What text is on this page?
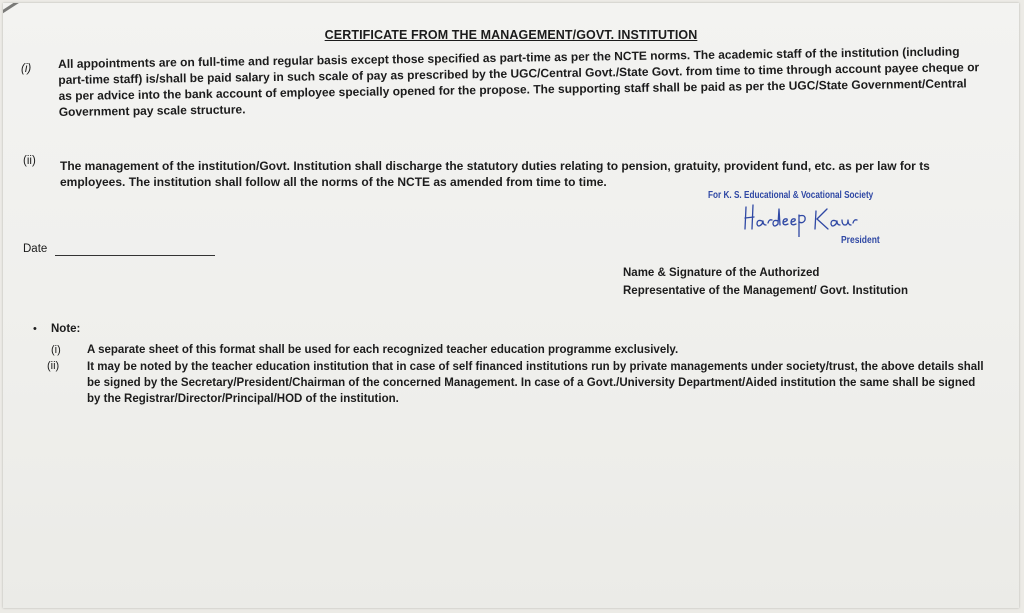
CERTIFICATE FROM THE MANAGEMENT/GOVT. INSTITUTION
(i) All appointments are on full-time and regular basis except those specified as part-time as per the NCTE norms. The academic staff of the institution (including part-time staff) is/shall be paid salary in such scale of pay as prescribed by the UGC/Central Govt./State Govt. from time to time through account payee cheque or as per advice into the bank account of employee specially opened for the propose. The supporting staff shall be paid as per the UGC/State Government/Central Government pay scale structure.
(ii) The management of the institution/Govt. Institution shall discharge the statutory duties relating to pension, gratuity, provident fund, etc. as per law for ts employees. The institution shall follow all the norms of the NCTE as amended from time to time.
For K. S. Educational & Vocational Society
President
Date
Name & Signature of the Authorized
Representative of the Management/ Govt. Institution
• Note:
(i) A separate sheet of this format shall be used for each recognized teacher education programme exclusively.
(ii) It may be noted by the teacher education institution that in case of self financed institutions run by private managements under society/trust, the above details shall be signed by the Secretary/President/Chairman of the concerned Management. In case of a Govt./University Department/Aided institution the same shall be signed by the Registrar/Director/Principal/HOD of the institution.
